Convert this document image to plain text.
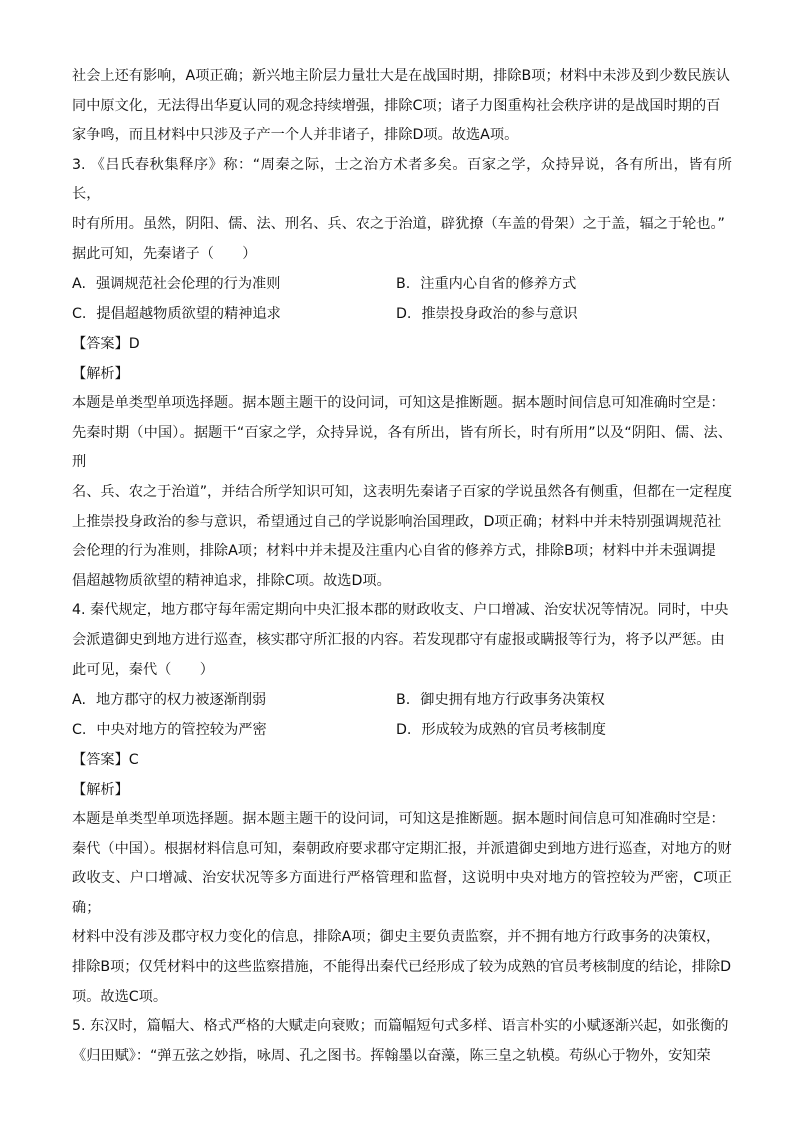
社会上还有影响，A项正确；新兴地主阶层力量壮大是在战国时期，排除B项；材料中未涉及到少数民族认

同中原文化，无法得出华夏认同的观念持续增强，排除C项；诸子力图重构社会秩序讲的是战国时期的百

家争鸣，而且材料中只涉及子产一个人并非诸子，排除D项。故选A项。

3. 《吕氏春秋集释序》称：“周秦之际，士之治方术者多矣。百家之学，众持异说，各有所出，皆有所长，

时有所用。虽然，阴阳、儒、法、刑名、兵、农之于治道，辟犹撩（车盖的骨架）之于盖，辐之于轮也。”

据此可知，先秦诸子（　　）

A. 强调规范社会伦理的行为准则	B. 注重内心自省的修养方式
C. 提倡超越物质欲望的精神追求	D. 推崇投身政治的参与意识
【答案】D
【解析】

本题是单类型单项选择题。据本题主题干的设问词，可知这是推断题。据本题时间信息可知准确时空是：

先秦时期（中国）。据题干“百家之学，众持异说，各有所出，皆有所长，时有所用”以及“阴阳、儒、法、刑

名、兵、农之于治道”，并结合所学知识可知，这表明先秦诸子百家的学说虽然各有侧重，但都在一定程度

上推崇投身政治的参与意识，希望通过自己的学说影响治国理政，D项正确；材料中并未特别强调规范社

会伦理的行为准则，排除A项；材料中并未提及注重内心自省的修养方式，排除B项；材料中并未强调提

倡超越物质欲望的精神追求，排除C项。故选D项。

4. 秦代规定，地方郡守每年需定期向中央汇报本郡的财政收支、户口增减、治安状况等情况。同时，中央

会派遣御史到地方进行巡查，核实郡守所汇报的内容。若发现郡守有虚报或瞒报等行为，将予以严惩。由

此可见，秦代（　　）

A. 地方郡守的权力被逐渐削弱	B. 御史拥有地方行政事务决策权
C. 中央对地方的管控较为严密	D. 形成较为成熟的官员考核制度
【答案】C
【解析】

本题是单类型单项选择题。据本题主题干的设问词，可知这是推断题。据本题时间信息可知准确时空是：

秦代（中国）。根据材料信息可知，秦朝政府要求郡守定期汇报，并派遣御史到地方进行巡查，对地方的财

政收支、户口增减、治安状况等多方面进行严格管理和监督，这说明中央对地方的管控较为严密，C项正确；

材料中没有涉及郡守权力变化的信息，排除A项；御史主要负责监察，并不拥有地方行政事务的决策权，

排除B项；仅凭材料中的这些监察措施，不能得出秦代已经形成了较为成熟的官员考核制度的结论，排除D

项。故选C项。

5. 东汉时，篇幅大、格式严格的大赋走向衰败；而篇幅短句式多样、语言朴实的小赋逐渐兴起，如张衡的

《归田赋》：“弹五弦之妙指，咏周、孔之图书。挥翰墨以奋藻，陈三皇之轨模。苟纵心于物外，安知荣
